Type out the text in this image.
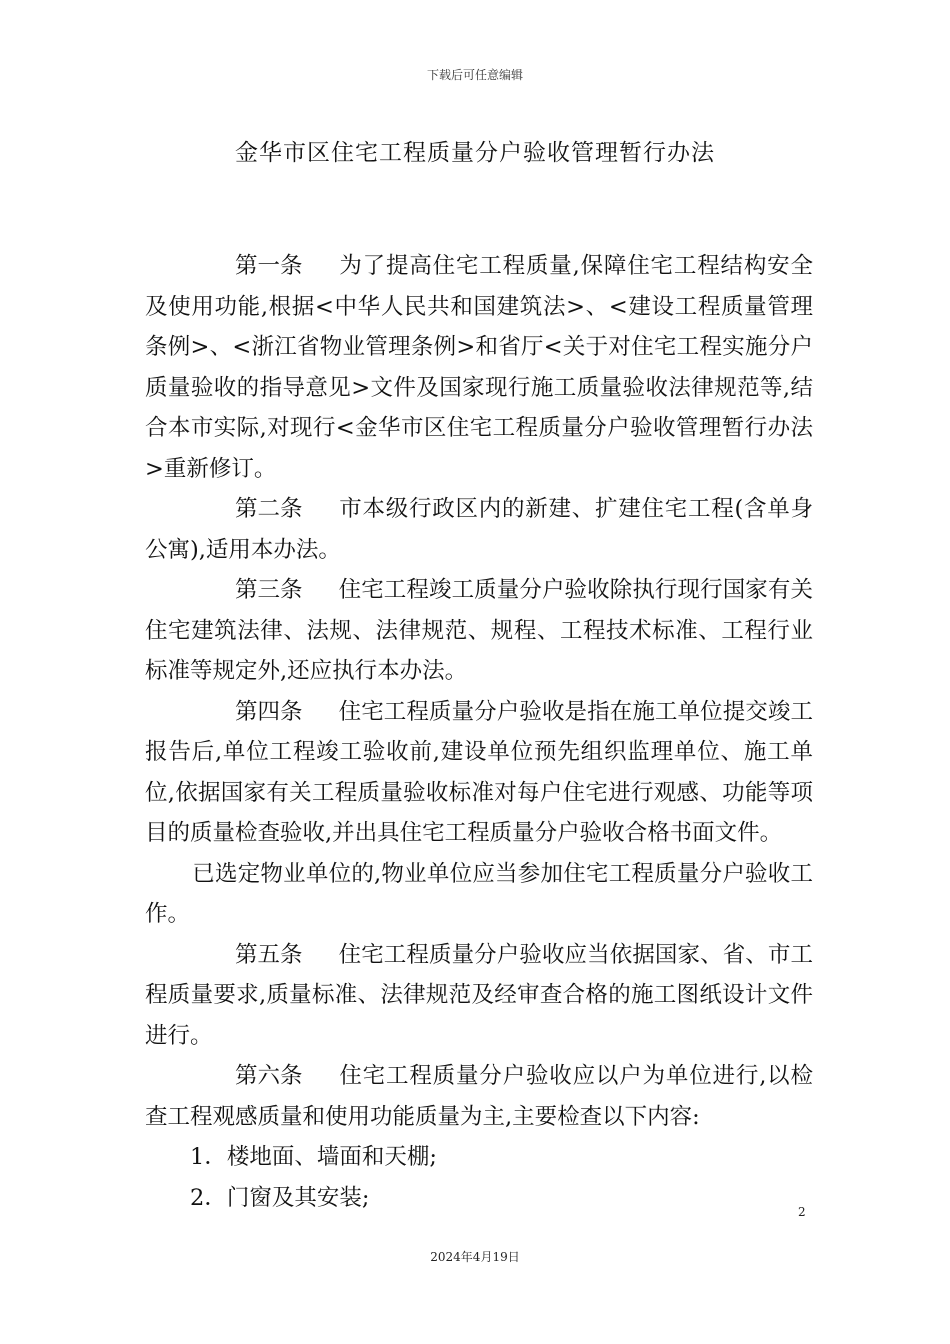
下载后可任意编辑
金华市区住宅工程质量分户验收管理暂行办法

第一条 为了提高住宅工程质量,保障住宅工程结构安全及使用功能,根据<中华人民共和国建筑法>、<建设工程质量管理条例>、<浙江省物业管理条例>和省厅<关于对住宅工程实施分户质量验收的指导意见>文件及国家现行施工质量验收法律规范等,结合本市实际,对现行<金华市区住宅工程质量分户验收管理暂行办法>重新修订。

第二条 市本级行政区内的新建、扩建住宅工程(含单身公寓),适用本办法。

第三条 住宅工程竣工质量分户验收除执行现行国家有关住宅建筑法律、法规、法律规范、规程、工程技术标准、工程行业标准等规定外,还应执行本办法。

第四条 住宅工程质量分户验收是指在施工单位提交竣工报告后,单位工程竣工验收前,建设单位预先组织监理单位、施工单位,依据国家有关工程质量验收标准对每户住宅进行观感、功能等项目的质量检查验收,并出具住宅工程质量分户验收合格书面文件。

已选定物业单位的,物业单位应当参加住宅工程质量分户验收工作。

第五条 住宅工程质量分户验收应当依据国家、省、市工程质量要求,质量标准、法律规范及经审查合格的施工图纸设计文件进行。

第六条 住宅工程质量分户验收应以户为单位进行,以检查工程观感质量和使用功能质量为主,主要检查以下内容:

1．楼地面、墙面和天棚;

2．门窗及其安装;

2
2024年4月19日
